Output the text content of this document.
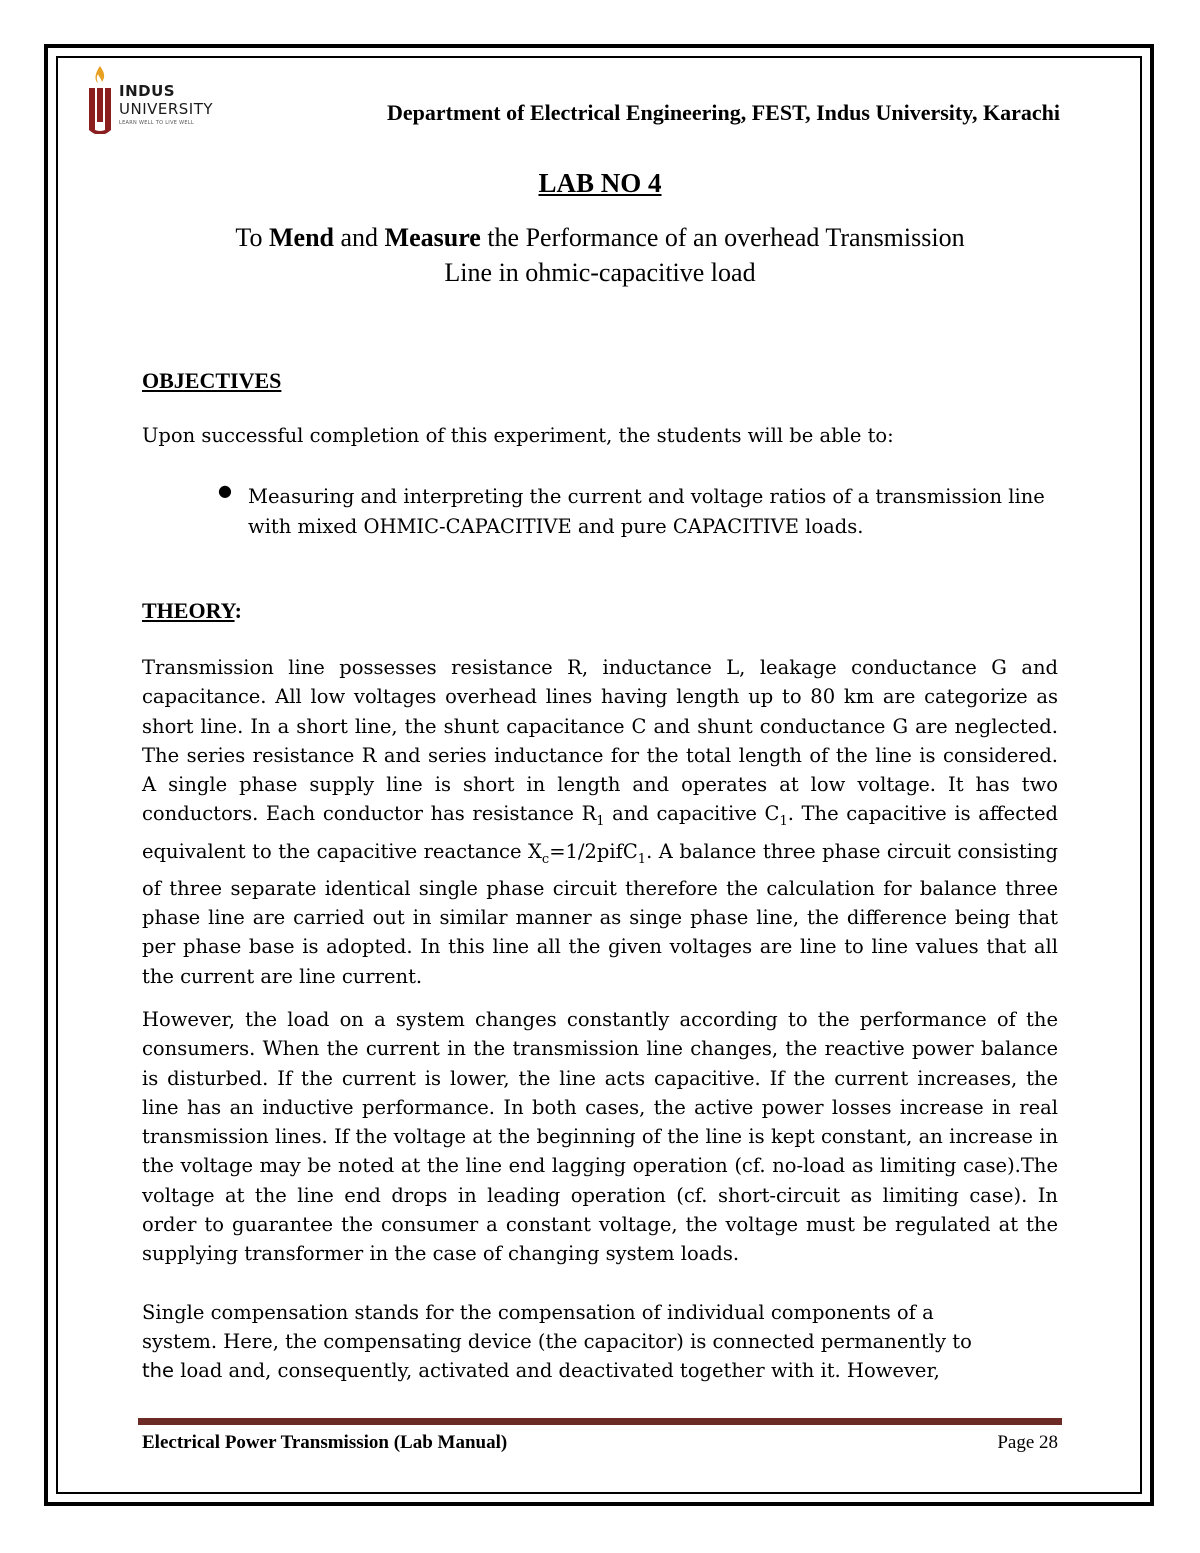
INDUS
UNIVERSITY
LEARN WELL TO LIVE WELL	Department of Electrical Engineering, FEST, Indus University, Karachi
LAB NO 4
To Mend and Measure the Performance of an overhead Transmission
Line in ohmic-capacitive load
OBJECTIVES
Upon successful completion of this experiment, the students will be able to:
● Measuring and interpreting the current and voltage ratios of a transmission line with mixed OHMIC-CAPACITIVE and pure CAPACITIVE loads.
THEORY:
Transmission line possesses resistance R, inductance L, leakage conductance G and capacitance. All low voltages overhead lines having length up to 80 km are categorize as short line. In a short line, the shunt capacitance C and shunt conductance G are neglected. The series resistance R and series inductance for the total length of the line is considered. A single phase supply line is short in length and operates at low voltage. It has two conductors. Each conductor has resistance $R_1$ and capacitive $C_1$. The capacitive is affected equivalent to the capacitive reactance $X_c=1/2pifC_1$. A balance three phase circuit consisting of three separate identical single phase circuit therefore the calculation for balance three phase line are carried out in similar manner as singe phase line, the difference being that per phase base is adopted. In this line all the given voltages are line to line values that all the current are line current.
However, the load on a system changes constantly according to the performance of the consumers. When the current in the transmission line changes, the reactive power balance is disturbed. If the current is lower, the line acts capacitive. If the current increases, the line has an inductive performance. In both cases, the active power losses increase in real transmission lines. If the voltage at the beginning of the line is kept constant, an increase in the voltage may be noted at the line end lagging operation (cf. no-load as limiting case).The voltage at the line end drops in leading operation (cf. short-circuit as limiting case). In order to guarantee the consumer a constant voltage, the voltage must be regulated at the supplying transformer in the case of changing system loads.
Single compensation stands for the compensation of individual components of a
system. Here, the compensating device (the capacitor) is connected permanently to
the load and, consequently, activated and deactivated together with it. However,
Electrical Power Transmission (Lab Manual)	Page 28
